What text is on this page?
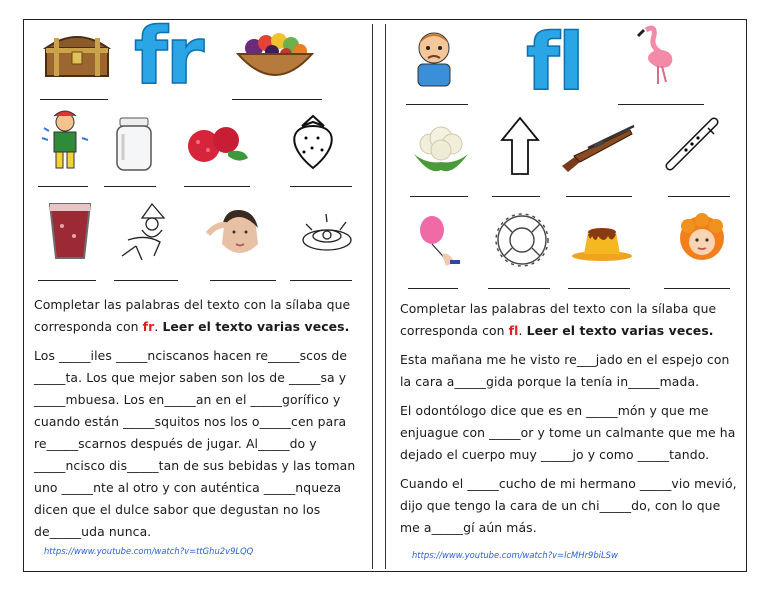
fr
Completar las palabras del texto con la sílaba que corresponda con fr. Leer el texto varias veces.
Los _____iles _____nciscanos hacen re_____scos de
_____ta. Los que mejor saben son los de _____sa y
_____mbuesa. Los en_____an en el _____gorífico y
cuando están _____squitos nos los o_____cen para
re_____scarnos después de jugar. Al_____do y
_____ncisco dis_____tan de sus bebidas y las toman
uno _____nte al otro y con auténtica _____nqueza
dicen que el dulce sabor que degustan no los
de_____uda nunca.
https://www.youtube.com/watch?v=ttGhu2v9LQQ
fl
Completar las palabras del texto con la sílaba que corresponda con fl. Leer el texto varias veces.
Esta mañana me he visto re___jado en el espejo con
la cara a_____gida porque la tenía in_____mada.
El odontólogo dice que es en _____món y que me
enjuague con _____or y tome un calmante que me ha
dejado el cuerpo muy _____jo y como _____tando.
Cuando el _____cucho de mi hermano _____vio mevió,
dijo que tengo la cara de un chi_____do, con lo que
me a_____gí aún más.
https://www.youtube.com/watch?v=lcMHr9biLSw
